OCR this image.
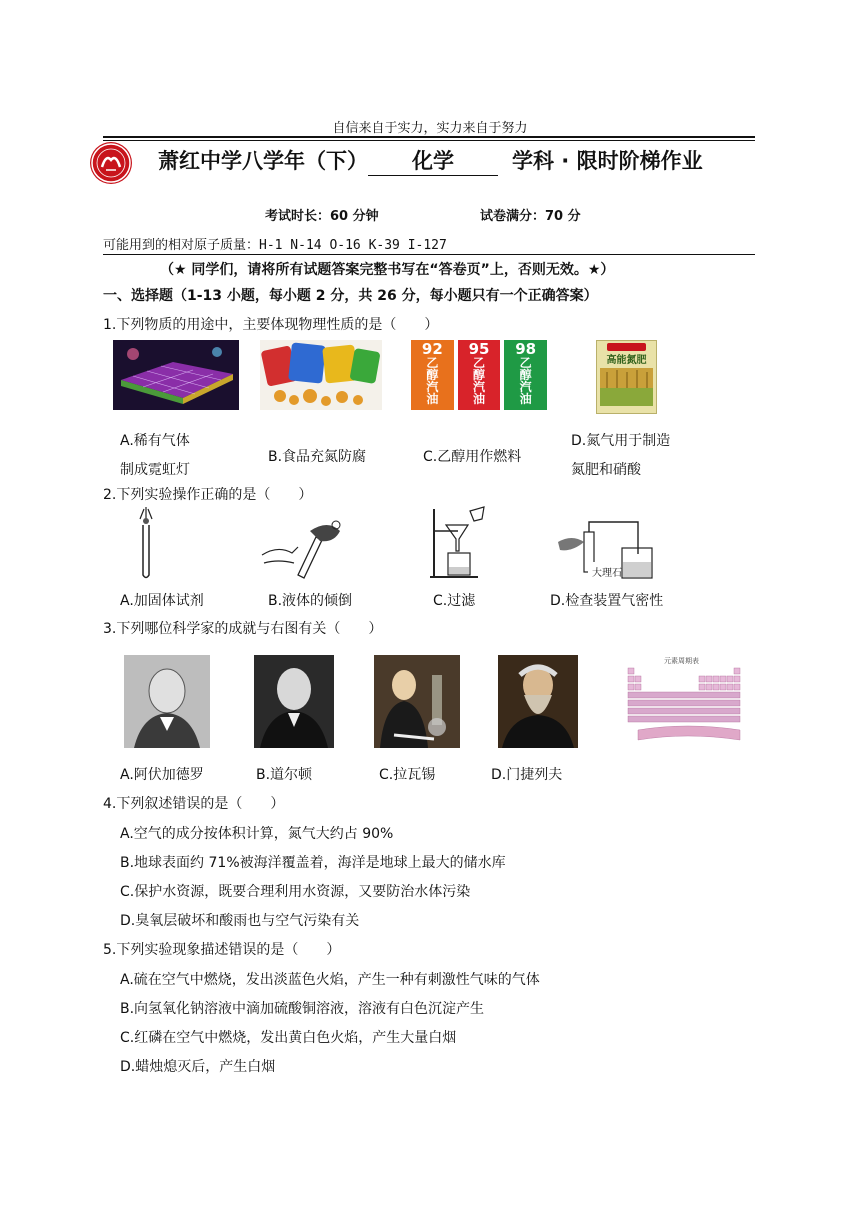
自信来自于实力，实力来自于努力
萧红中学八学年（下） 化学	学科 · 限时阶梯作业
考试时长：60 分钟	试卷满分：70 分
可能用到的相对原子质量：H-1 N-14 O-16 K-39 I-127
（★ 同学们，请将所有试题答案完整书写在“答卷页”上，否则无效。★）
一、选择题（1-13 小题，每小题 2 分，共 26 分，每小题只有一个正确答案）
1.下列物质的用途中，主要体现物理性质的是（　　）
92
乙
醇
汽
油
95
乙
醇
汽
油
98
乙
醇
汽
油
高能氮肥
A.稀有气体
制成霓虹灯
B.食品充氮防腐	C.乙醇用作燃料
D.氮气用于制造
氮肥和硝酸
2.下列实验操作正确的是（　　）
大理石
A.加固体试剂	B.液体的倾倒	C.过滤	D.检查装置气密性
3.下列哪位科学家的成就与右图有关（　　）
元素周期表
A.阿伏加德罗	B.道尔顿	C.拉瓦锡	D.门捷列夫
4.下列叙述错误的是（　　）
A.空气的成分按体积计算，氮气大约占 90%
B.地球表面约 71%被海洋覆盖着，海洋是地球上最大的储水库
C.保护水资源，既要合理利用水资源，又要防治水体污染
D.臭氧层破坏和酸雨也与空气污染有关
5.下列实验现象描述错误的是（　　）
A.硫在空气中燃烧，发出淡蓝色火焰，产生一种有刺激性气味的气体
B.向氢氧化钠溶液中滴加硫酸铜溶液，溶液有白色沉淀产生
C.红磷在空气中燃烧，发出黄白色火焰，产生大量白烟
D.蜡烛熄灭后，产生白烟
